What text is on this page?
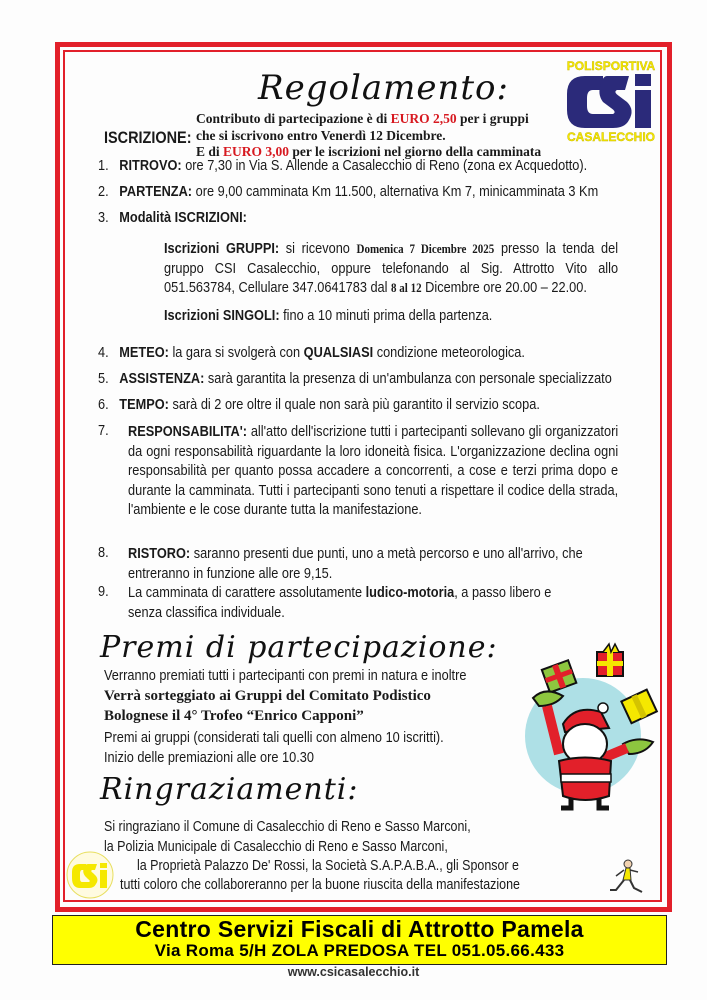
Regolamento:
POLISPORTIVA
CASALECCHIO
ISCRIZIONE:
Contributo di partecipazione è di EURO 2,50 per i gruppi
che si iscrivono entro Venerdì 12 Dicembre.
E di EURO 3,00 per le iscrizioni nel giorno della camminata
1. RITROVO: ore 7,30 in Via S. Allende a Casalecchio di Reno (zona ex Acquedotto).
2. PARTENZA: ore 9,00 camminata Km 11.500, alternativa Km 7, minicamminata 3 Km
3. Modalità ISCRIZIONI:
Iscrizioni GRUPPI: si ricevono Domenica 7 Dicembre 2025 presso la tenda del gruppo CSI Casalecchio, oppure telefonando al Sig. Attrotto Vito allo 051.563784, Cellulare 347.0641783 dal 8 al 12 Dicembre ore 20.00 – 22.00.
Iscrizioni SINGOLI: fino a 10 minuti prima della partenza.
4. METEO: la gara si svolgerà con QUALSIASI condizione meteorologica.
5. ASSISTENZA: sarà garantita la presenza di un'ambulanza con personale specializzato
6. TEMPO: sarà di 2 ore oltre il quale non sarà più garantito il servizio scopa.
7. RESPONSABILITA': all'atto dell'iscrizione tutti i partecipanti sollevano gli organizzatori da ogni responsabilità riguardante la loro idoneità fisica. L'organizzazione declina ogni responsabilità per quanto possa accadere a concorrenti, a cose e terzi prima dopo e durante la camminata. Tutti i partecipanti sono tenuti a rispettare il codice della strada, l'ambiente e le cose durante tutta la manifestazione.
8. RISTORO: saranno presenti due punti, uno a metà percorso e uno all'arrivo, che entreranno in funzione alle ore 9,15.
9. La camminata di carattere assolutamente ludico-motoria, a passo libero e senza classifica individuale.
Premi di partecipazione:
Verranno premiati tutti i partecipanti con premi in natura e inoltre
Verrà sorteggiato ai Gruppi del Comitato Podistico
Bolognese il 4° Trofeo “Enrico Capponi”
Premi ai gruppi (considerati tali quelli con almeno 10 iscritti).
Inizio delle premiazioni alle ore 10.30
Ringraziamenti:
Si ringraziano il Comune di Casalecchio di Reno e Sasso Marconi,
la Polizia Municipale di Casalecchio di Reno e Sasso Marconi,
la Proprietà Palazzo De' Rossi, la Società S.A.P.A.B.A., gli Sponsor e
tutti coloro che collaboreranno per la buone riuscita della manifestazione
Centro Servizi Fiscali di Attrotto Pamela
Via Roma 5/H ZOLA PREDOSA TEL 051.05.66.433
www.csicasalecchio.it
